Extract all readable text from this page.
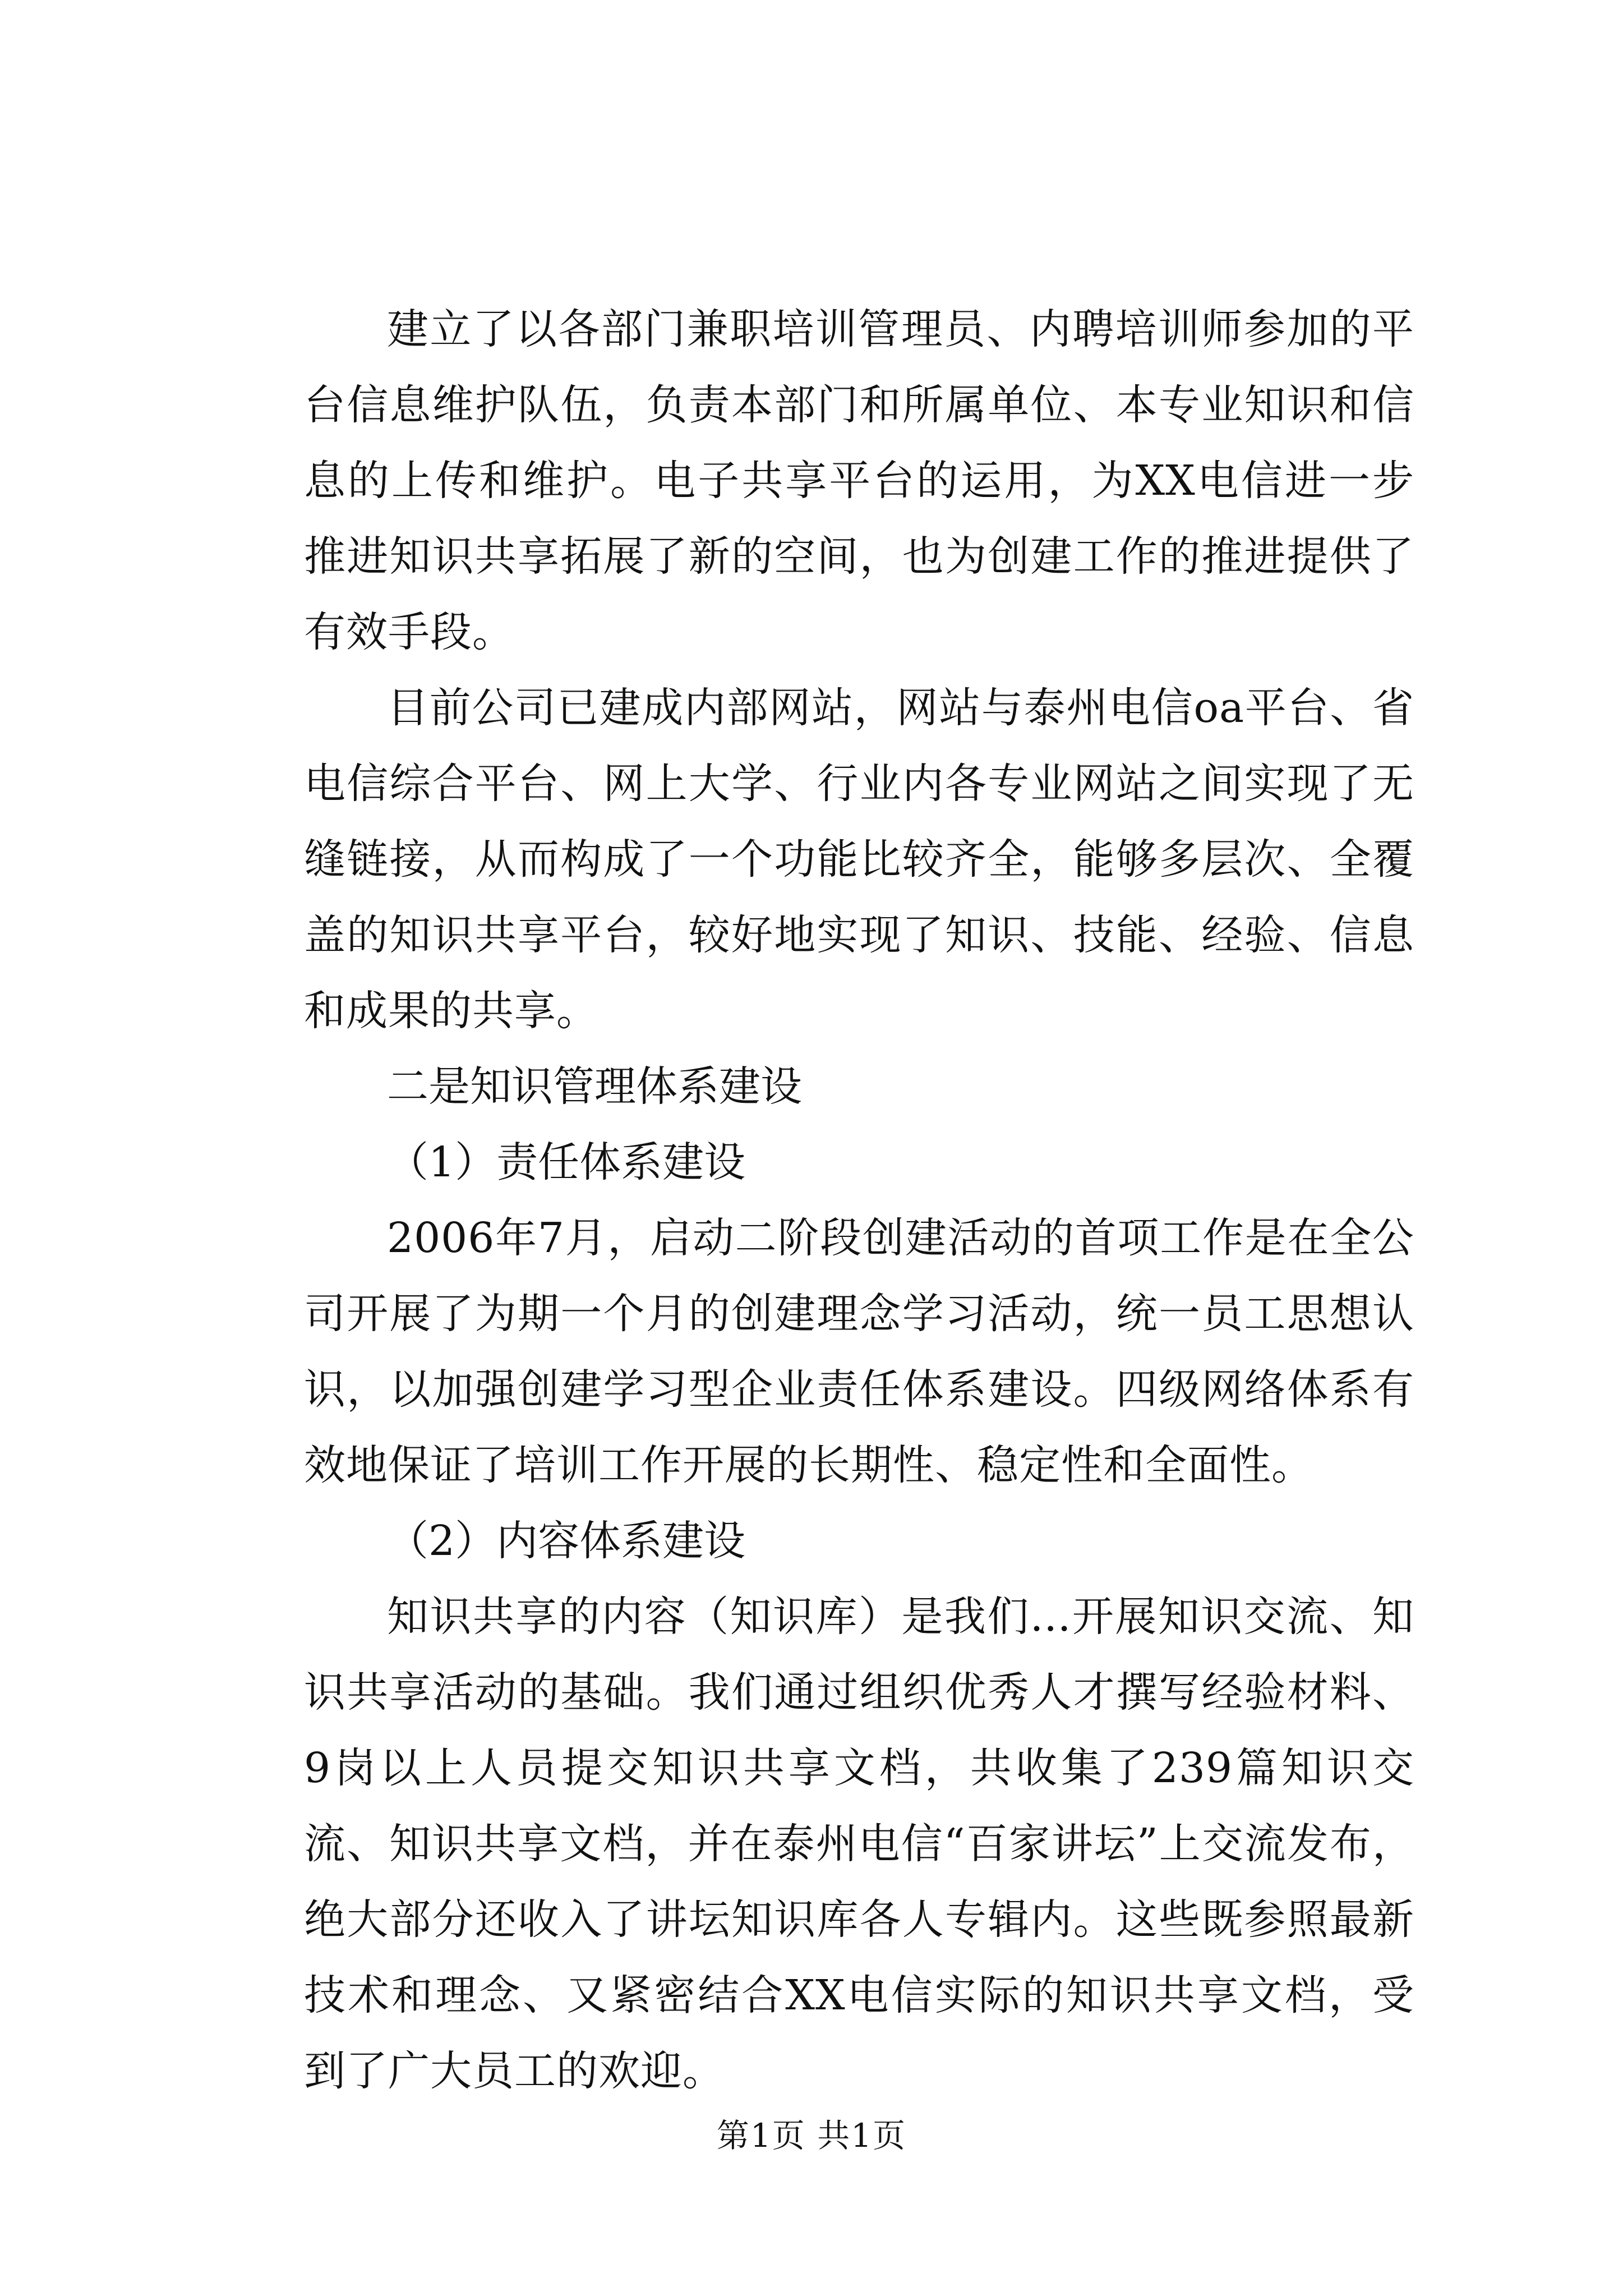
建立了以各部门兼职培训管理员、内聘培训师参加的平台信息维护队伍，负责本部门和所属单位、本专业知识和信息的上传和维护。电子共享平台的运用，为XX电信进一步推进知识共享拓展了新的空间，也为创建工作的推进提供了有效手段。

目前公司已建成内部网站，网站与泰州电信oa平台、省电信综合平台、网上大学、行业内各专业网站之间实现了无缝链接，从而构成了一个功能比较齐全，能够多层次、全覆盖的知识共享平台，较好地实现了知识、技能、经验、信息和成果的共享。

二是知识管理体系建设

（1）责任体系建设

2006年7月，启动二阶段创建活动的首项工作是在全公司开展了为期一个月的创建理念学习活动，统一员工思想认识，以加强创建学习型企业责任体系建设。四级网络体系有效地保证了培训工作开展的长期性、稳定性和全面性。

（2）内容体系建设

知识共享的内容（知识库）是我们...开展知识交流、知识共享活动的基础。我们通过组织优秀人才撰写经验材料、9岗以上人员提交知识共享文档，共收集了239篇知识交流、知识共享文档，并在泰州电信“百家讲坛”上交流发布，绝大部分还收入了讲坛知识库各人专辑内。这些既参照最新技术和理念、又紧密结合XX电信实际的知识共享文档，受到了广大员工的欢迎。

第1页 共1页
